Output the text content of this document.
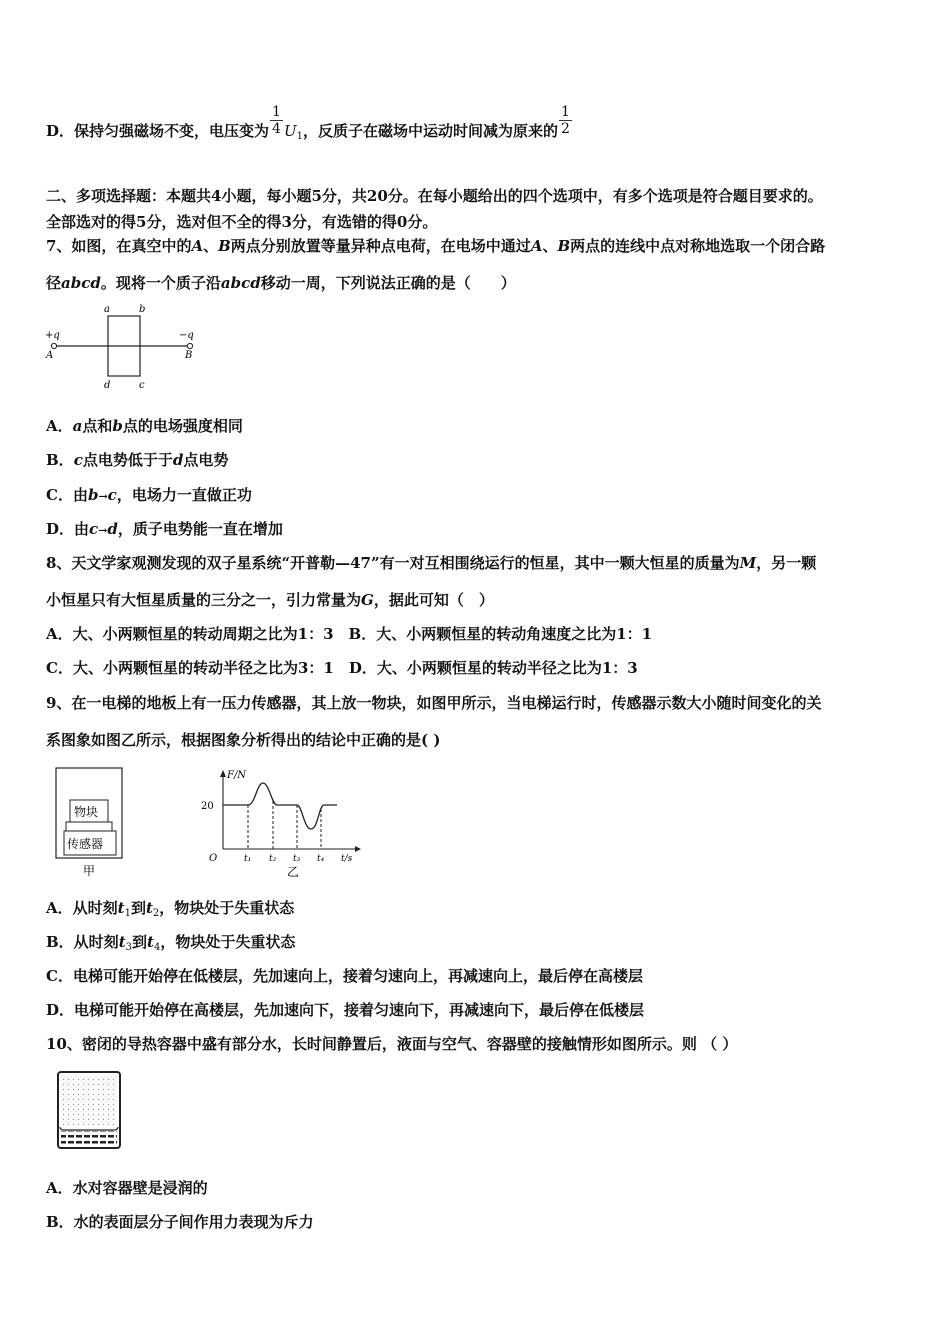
D．保持匀强磁场不变，电压变为 $\frac{1}{4} U_1$，反质子在磁场中运动时间减为原来的 $\frac{1}{2}$
二、多项选择题：本题共4小题，每小题5分，共20分。在每小题给出的四个选项中，有多个选项是符合题目要求的。
全部选对的得5分，选对但不全的得3分，有选错的得0分。
7、如图，在真空中的A、B两点分别放置等量异种点电荷，在电场中通过A、B两点的连线中点对称地选取一个闭合路
径abcd。现将一个质子沿abcd移动一周，下列说法正确的是（　　）
+q	−q
A	B
a	b
c
d
A．a点和b点的电场强度相同
B．c点电势低于于d点电势
C．由b→c，电场力一直做正功
D．由c→d，质子电势能一直在增加
8、天文学家观测发现的双子星系统“开普勒—47”有一对互相围绕运行的恒星，其中一颗大恒星的质量为M，另一颗
小恒星只有大恒星质量的三分之一，引力常量为G，据此可知（　）
A．大、小两颗恒星的转动周期之比为1：3　B．大、小两颗恒星的转动角速度之比为1：1
C．大、小两颗恒星的转动半径之比为3：1　D．大、小两颗恒星的转动半径之比为1：3
9、在一电梯的地板上有一压力传感器，其上放一物块，如图甲所示，当电梯运行时，传感器示数大小随时间变化的关
系图象如图乙所示，根据图象分析得出的结论中正确的是( )
物块
传感器
甲
F/N
20
O	t₁ t₂ t₃ t₄ t/s
乙
A．从时刻$t_1$到$t_2$，物块处于失重状态
B．从时刻$t_3$到$t_4$，物块处于失重状态
C．电梯可能开始停在低楼层，先加速向上，接着匀速向上，再减速向上，最后停在高楼层
D．电梯可能开始停在高楼层，先加速向下，接着匀速向下，再减速向下，最后停在低楼层
10、密闭的导热容器中盛有部分水，长时间静置后，液面与空气、容器壁的接触情形如图所示。则 （ ）
A．水对容器壁是浸润的
B．水的表面层分子间作用力表现为斥力
